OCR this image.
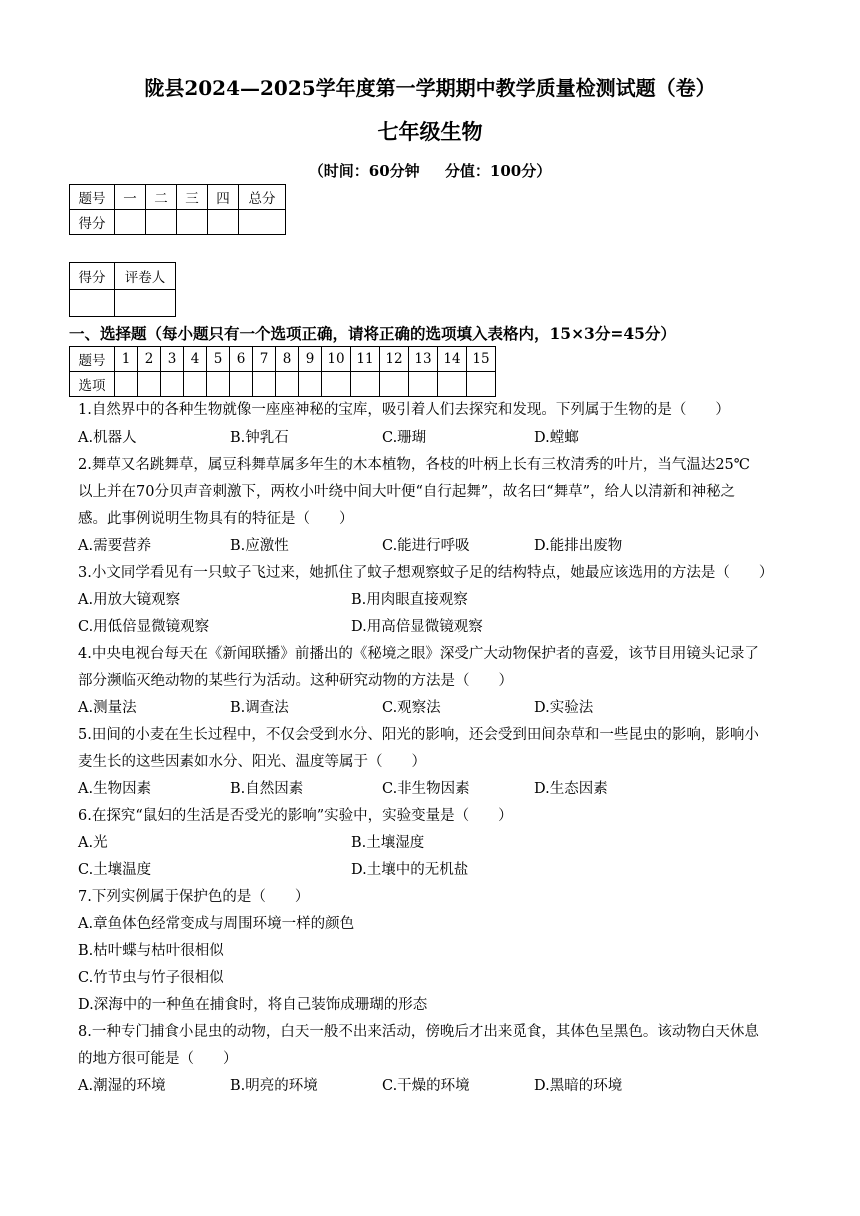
陇县2024—2025学年度第一学期期中教学质量检测试题（卷）
七年级生物
（时间：60分钟 分值：100分）
题号	一	二	三	四	总分
得分					
得分	评卷人

一、选择题（每小题只有一个选项正确，请将正确的选项填入表格内，15×3分=45分）
题号	1	2	3	4	5	6	7	8	9	10	11	12	13	14	15
选项															
1.自然界中的各种生物就像一座座神秘的宝库，吸引着人们去探究和发现。下列属于生物的是（　　）
A.机器人	B.钟乳石	C.珊瑚	D.螳螂
2.舞草又名跳舞草，属豆科舞草属多年生的木本植物，各枝的叶柄上长有三枚清秀的叶片，当气温达25℃
以上并在70分贝声音刺激下，两枚小叶绕中间大叶便“自行起舞”，故名曰“舞草”，给人以清新和神秘之
感。此事例说明生物具有的特征是（　　）
A.需要营养	B.应激性	C.能进行呼吸	D.能排出废物
3.小文同学看见有一只蚊子飞过来，她抓住了蚊子想观察蚊子足的结构特点，她最应该选用的方法是（　　）
A.用放大镜观察	B.用肉眼直接观察
C.用低倍显微镜观察	D.用高倍显微镜观察
4.中央电视台每天在《新闻联播》前播出的《秘境之眼》深受广大动物保护者的喜爱，该节目用镜头记录了
部分濒临灭绝动物的某些行为活动。这种研究动物的方法是（　　）
A.测量法	B.调查法	C.观察法	D.实验法
5.田间的小麦在生长过程中，不仅会受到水分、阳光的影响，还会受到田间杂草和一些昆虫的影响，影响小
麦生长的这些因素如水分、阳光、温度等属于（　　）
A.生物因素	B.自然因素	C.非生物因素	D.生态因素
6.在探究“鼠妇的生活是否受光的影响”实验中，实验变量是（　　）
A.光	B.土壤湿度
C.土壤温度	D.土壤中的无机盐
7.下列实例属于保护色的是（　　）
A.章鱼体色经常变成与周围环境一样的颜色
B.枯叶蝶与枯叶很相似
C.竹节虫与竹子很相似
D.深海中的一种鱼在捕食时，将自己装饰成珊瑚的形态
8.一种专门捕食小昆虫的动物，白天一般不出来活动，傍晚后才出来觅食，其体色呈黑色。该动物白天休息
的地方很可能是（　　）
A.潮湿的环境	B.明亮的环境	C.干燥的环境	D.黑暗的环境
